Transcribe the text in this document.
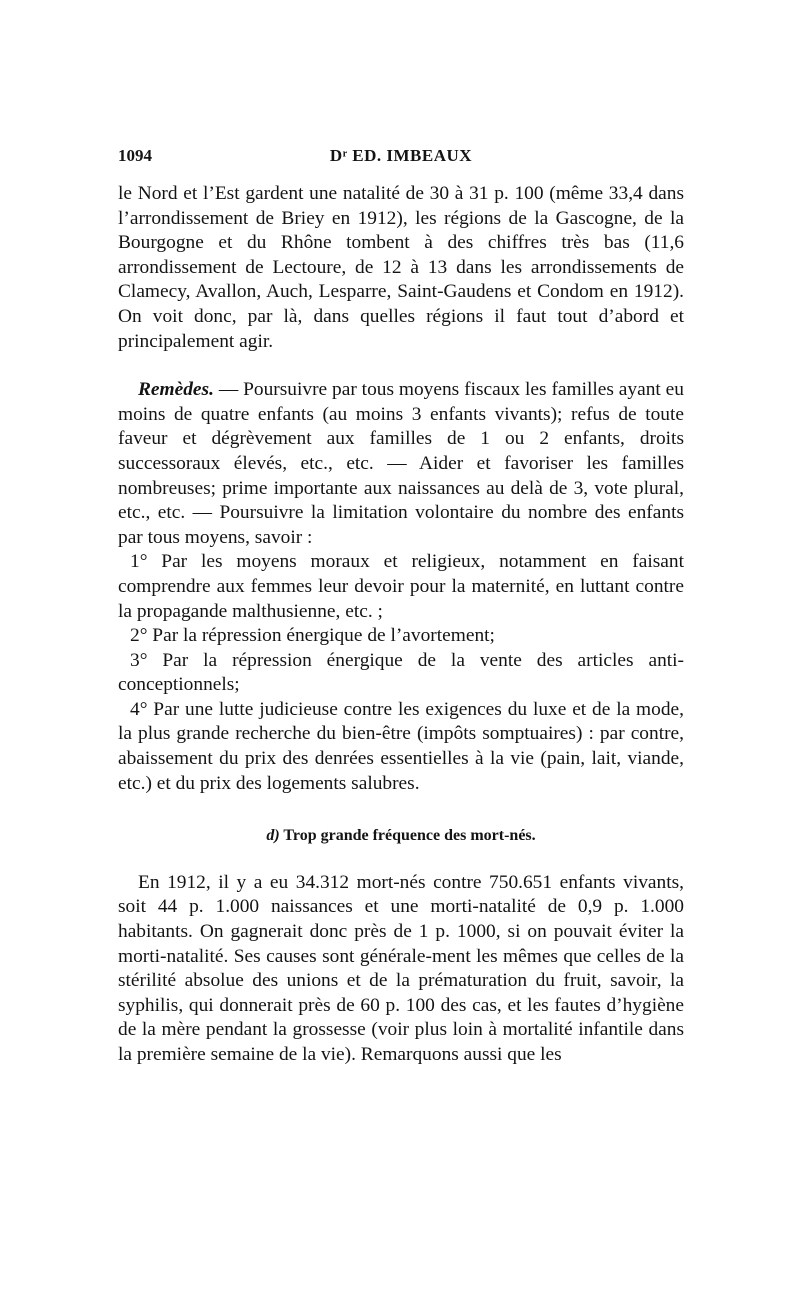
1094	Dʳ ED. IMBEAUX

le Nord et l’Est gardent une natalité de 30 à 31 p. 100 (même 33,4 dans l’arrondissement de Briey en 1912), les régions de la Gascogne, de la Bourgogne et du Rhône tombent à des chiffres très bas (11,6 arrondissement de Lectoure, de 12 à 13 dans les arrondissements de Clamecy, Avallon, Auch, Lesparre, Saint-Gaudens et Condom en 1912). On voit donc, par là, dans quelles régions il faut tout d’abord et principalement agir.

Remèdes. — Poursuivre par tous moyens fiscaux les familles ayant eu moins de quatre enfants (au moins 3 enfants vivants); refus de toute faveur et dégrèvement aux familles de 1 ou 2 enfants, droits successoraux élevés, etc., etc. — Aider et favoriser les familles nombreuses; prime importante aux naissances au delà de 3, vote plural, etc., etc. — Poursuivre la limitation volontaire du nombre des enfants par tous moyens, savoir :

1° Par les moyens moraux et religieux, notamment en faisant comprendre aux femmes leur devoir pour la maternité, en luttant contre la propagande malthusienne, etc. ;

2° Par la répression énergique de l’avortement;

3° Par la répression énergique de la vente des articles anti-conceptionnels;

4° Par une lutte judicieuse contre les exigences du luxe et de la mode, la plus grande recherche du bien-être (impôts somptuaires) : par contre, abaissement du prix des denrées essentielles à la vie (pain, lait, viande, etc.) et du prix des logements salubres.

d) Trop grande fréquence des mort-nés.

En 1912, il y a eu 34.312 mort-nés contre 750.651 enfants vivants, soit 44 p. 1.000 naissances et une morti-natalité de 0,9 p. 1.000 habitants. On gagnerait donc près de 1 p. 1000, si on pouvait éviter la morti-natalité. Ses causes sont générale-ment les mêmes que celles de la stérilité absolue des unions et de la prématuration du fruit, savoir, la syphilis, qui donnerait près de 60 p. 100 des cas, et les fautes d’hygiène de la mère pendant la grossesse (voir plus loin à mortalité infantile dans la première semaine de la vie). Remarquons aussi que les
